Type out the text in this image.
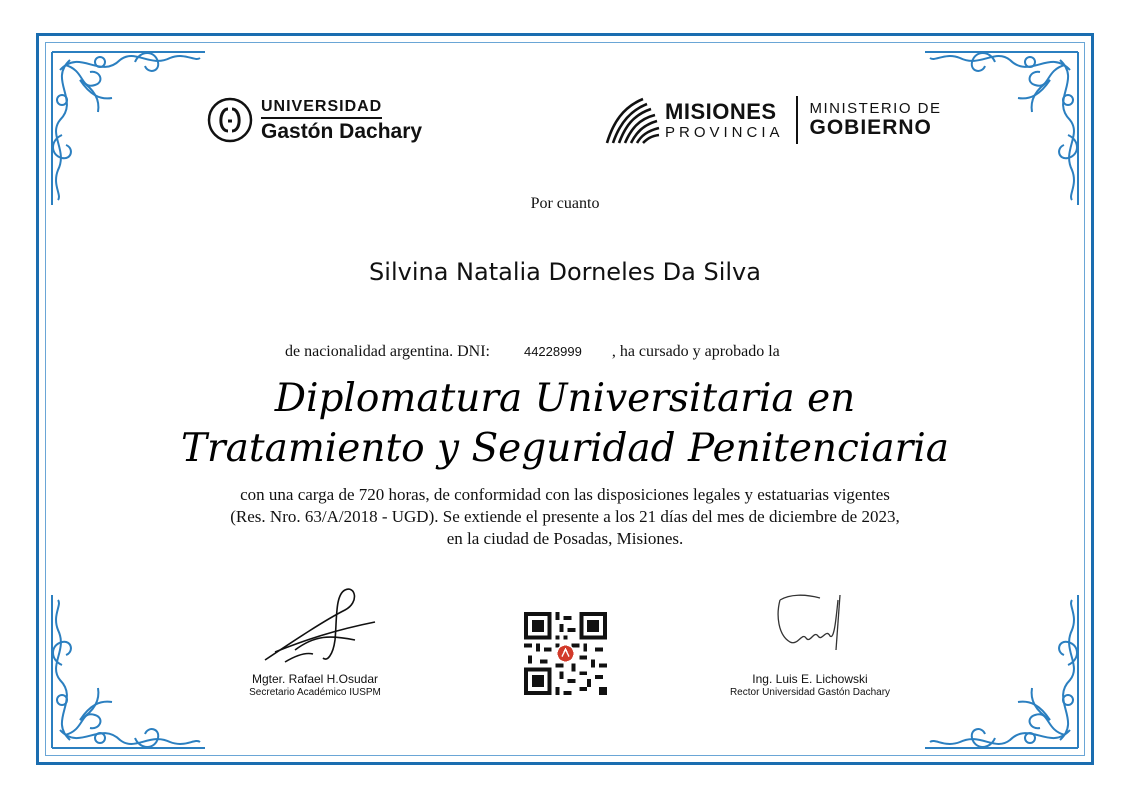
UNIVERSIDAD
Gastón Dachary
MISIONES
PROVINCIA
MINISTERIO DE
GOBIERNO
Por cuanto
Silvina Natalia Dorneles Da Silva
de nacionalidad argentina. DNI:	44228999 , ha cursado y aprobado la
Diplomatura Universitaria en
Tratamiento y Seguridad Penitenciaria
con una carga de 720 horas, de conformidad con las disposiciones legales y estatuarias vigentes
(Res. Nro. 63/A/2018 - UGD). Se extiende el presente a los 21 días del mes de diciembre de 2023,
en la ciudad de Posadas, Misiones.
Mgter. Rafael H.Osudar
Secretario Académico IUSPM
Ing. Luis E. Lichowski
Rector Universidad Gastón Dachary
